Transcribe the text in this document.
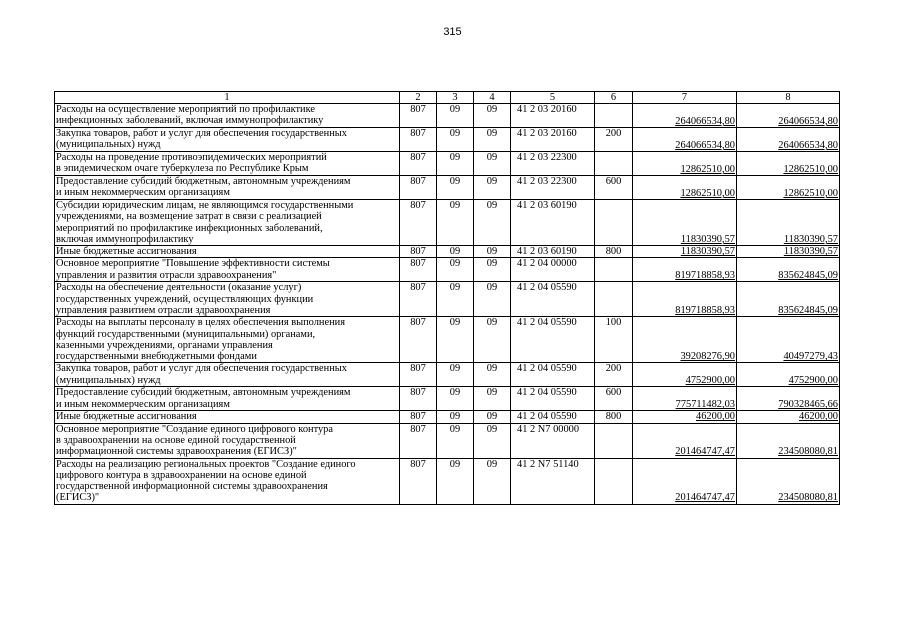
315
1	2	3	4	5	6	7	8

Расходы на осуществление мероприятий по профилактике
инфекционных заболеваний, включая иммунопрофилактику	807	09	09	41 2 03 20160		264066534,80	264066534,80

Закупка товаров, работ и услуг для обеспечения государственных
(муниципальных) нужд	807	09	09	41 2 03 20160	200	264066534,80	264066534,80

Расходы на проведение противоэпидемических мероприятий
в эпидемическом очаге туберкулеза по Республике Крым	807	09	09	41 2 03 22300		12862510,00	12862510,00

Предоставление субсидий бюджетным, автономным учреждениям
и иным некоммерческим организациям	807	09	09	41 2 03 22300	600	12862510,00	12862510,00

Субсидии юридическим лицам, не являющимся государственными
учреждениями, на возмещение затрат в связи с реализацией
мероприятий по профилактике инфекционных заболеваний,
включая иммунопрофилактику	807	09	09	41 2 03 60190		11830390,57	11830390,57

Иные бюджетные ассигнования	807	09	09	41 2 03 60190	800	11830390,57	11830390,57

Основное мероприятие "Повышение эффективности системы
управления и развития отрасли здравоохранения"	807	09	09	41 2 04 00000		819718858,93	835624845,09

Расходы на обеспечение деятельности (оказание услуг)
государственных учреждений, осуществляющих функции
управления развитием отрасли здравоохранения	807	09	09	41 2 04 05590		819718858,93	835624845,09

Расходы на выплаты персоналу в целях обеспечения выполнения
функций государственными (муниципальными) органами,
казенными учреждениями, органами управления
государственными внебюджетными фондами	807	09	09	41 2 04 05590	100	39208276,90	40497279,43

Закупка товаров, работ и услуг для обеспечения государственных
(муниципальных) нужд	807	09	09	41 2 04 05590	200	4752900,00	4752900,00

Предоставление субсидий бюджетным, автономным учреждениям
и иным некоммерческим организациям	807	09	09	41 2 04 05590	600	775711482,03	790328465,66

Иные бюджетные ассигнования	807	09	09	41 2 04 05590	800	46200,00	46200,00

Основное мероприятие "Создание единого цифрового контура
в здравоохранении на основе единой государственной
информационной системы здравоохранения (ЕГИСЗ)"	807	09	09	41 2 N7 00000		201464747,47	234508080,81

Расходы на реализацию региональных проектов "Создание единого
цифрового контура в здравоохранении на основе единой
государственной информационной системы здравоохранения
(ЕГИСЗ)"	807	09	09	41 2 N7 51140		201464747,47	234508080,81
